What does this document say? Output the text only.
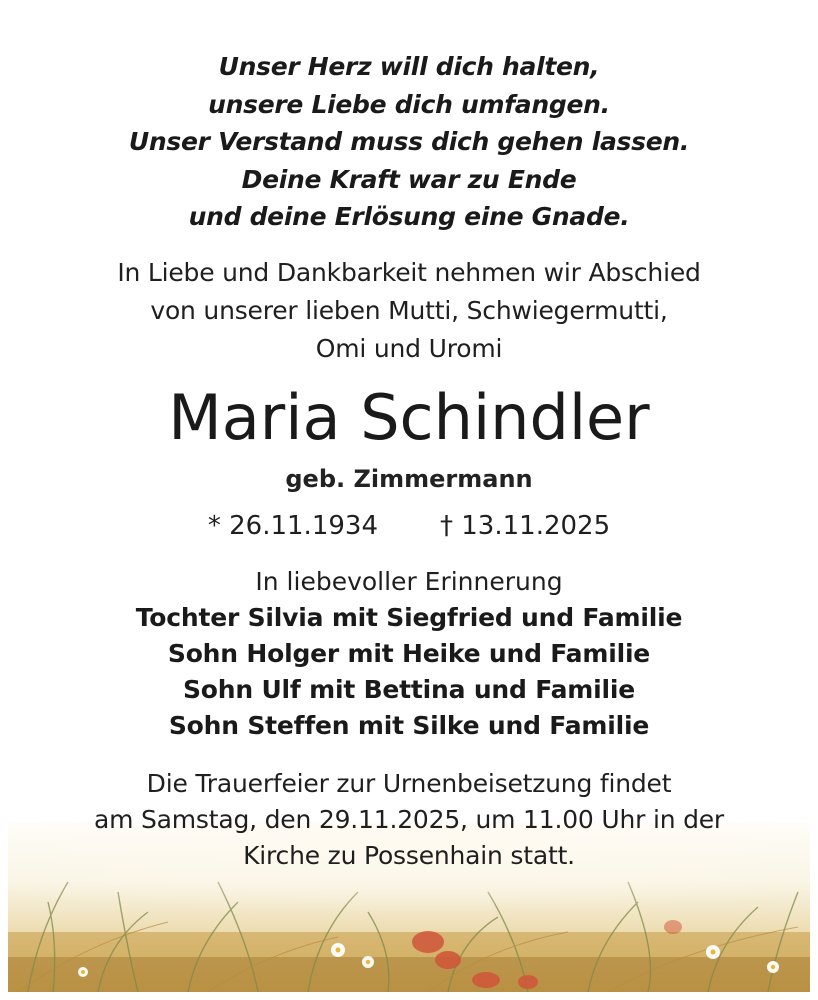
Unser Herz will dich halten,
unsere Liebe dich umfangen.
Unser Verstand muss dich gehen lassen.
Deine Kraft war zu Ende
und deine Erlösung eine Gnade.
In Liebe und Dankbarkeit nehmen wir Abschied
von unserer lieben Mutti, Schwiegermutti,
Omi und Uromi
Maria Schindler
geb. Zimmermann
* 26.11.1934 † 13.11.2025
In liebevoller Erinnerung
Tochter Silvia mit Siegfried und Familie
Sohn Holger mit Heike und Familie
Sohn Ulf mit Bettina und Familie
Sohn Steffen mit Silke und Familie
Die Trauerfeier zur Urnenbeisetzung findet
am Samstag, den 29.11.2025, um 11.00 Uhr in der
Kirche zu Possenhain statt.
